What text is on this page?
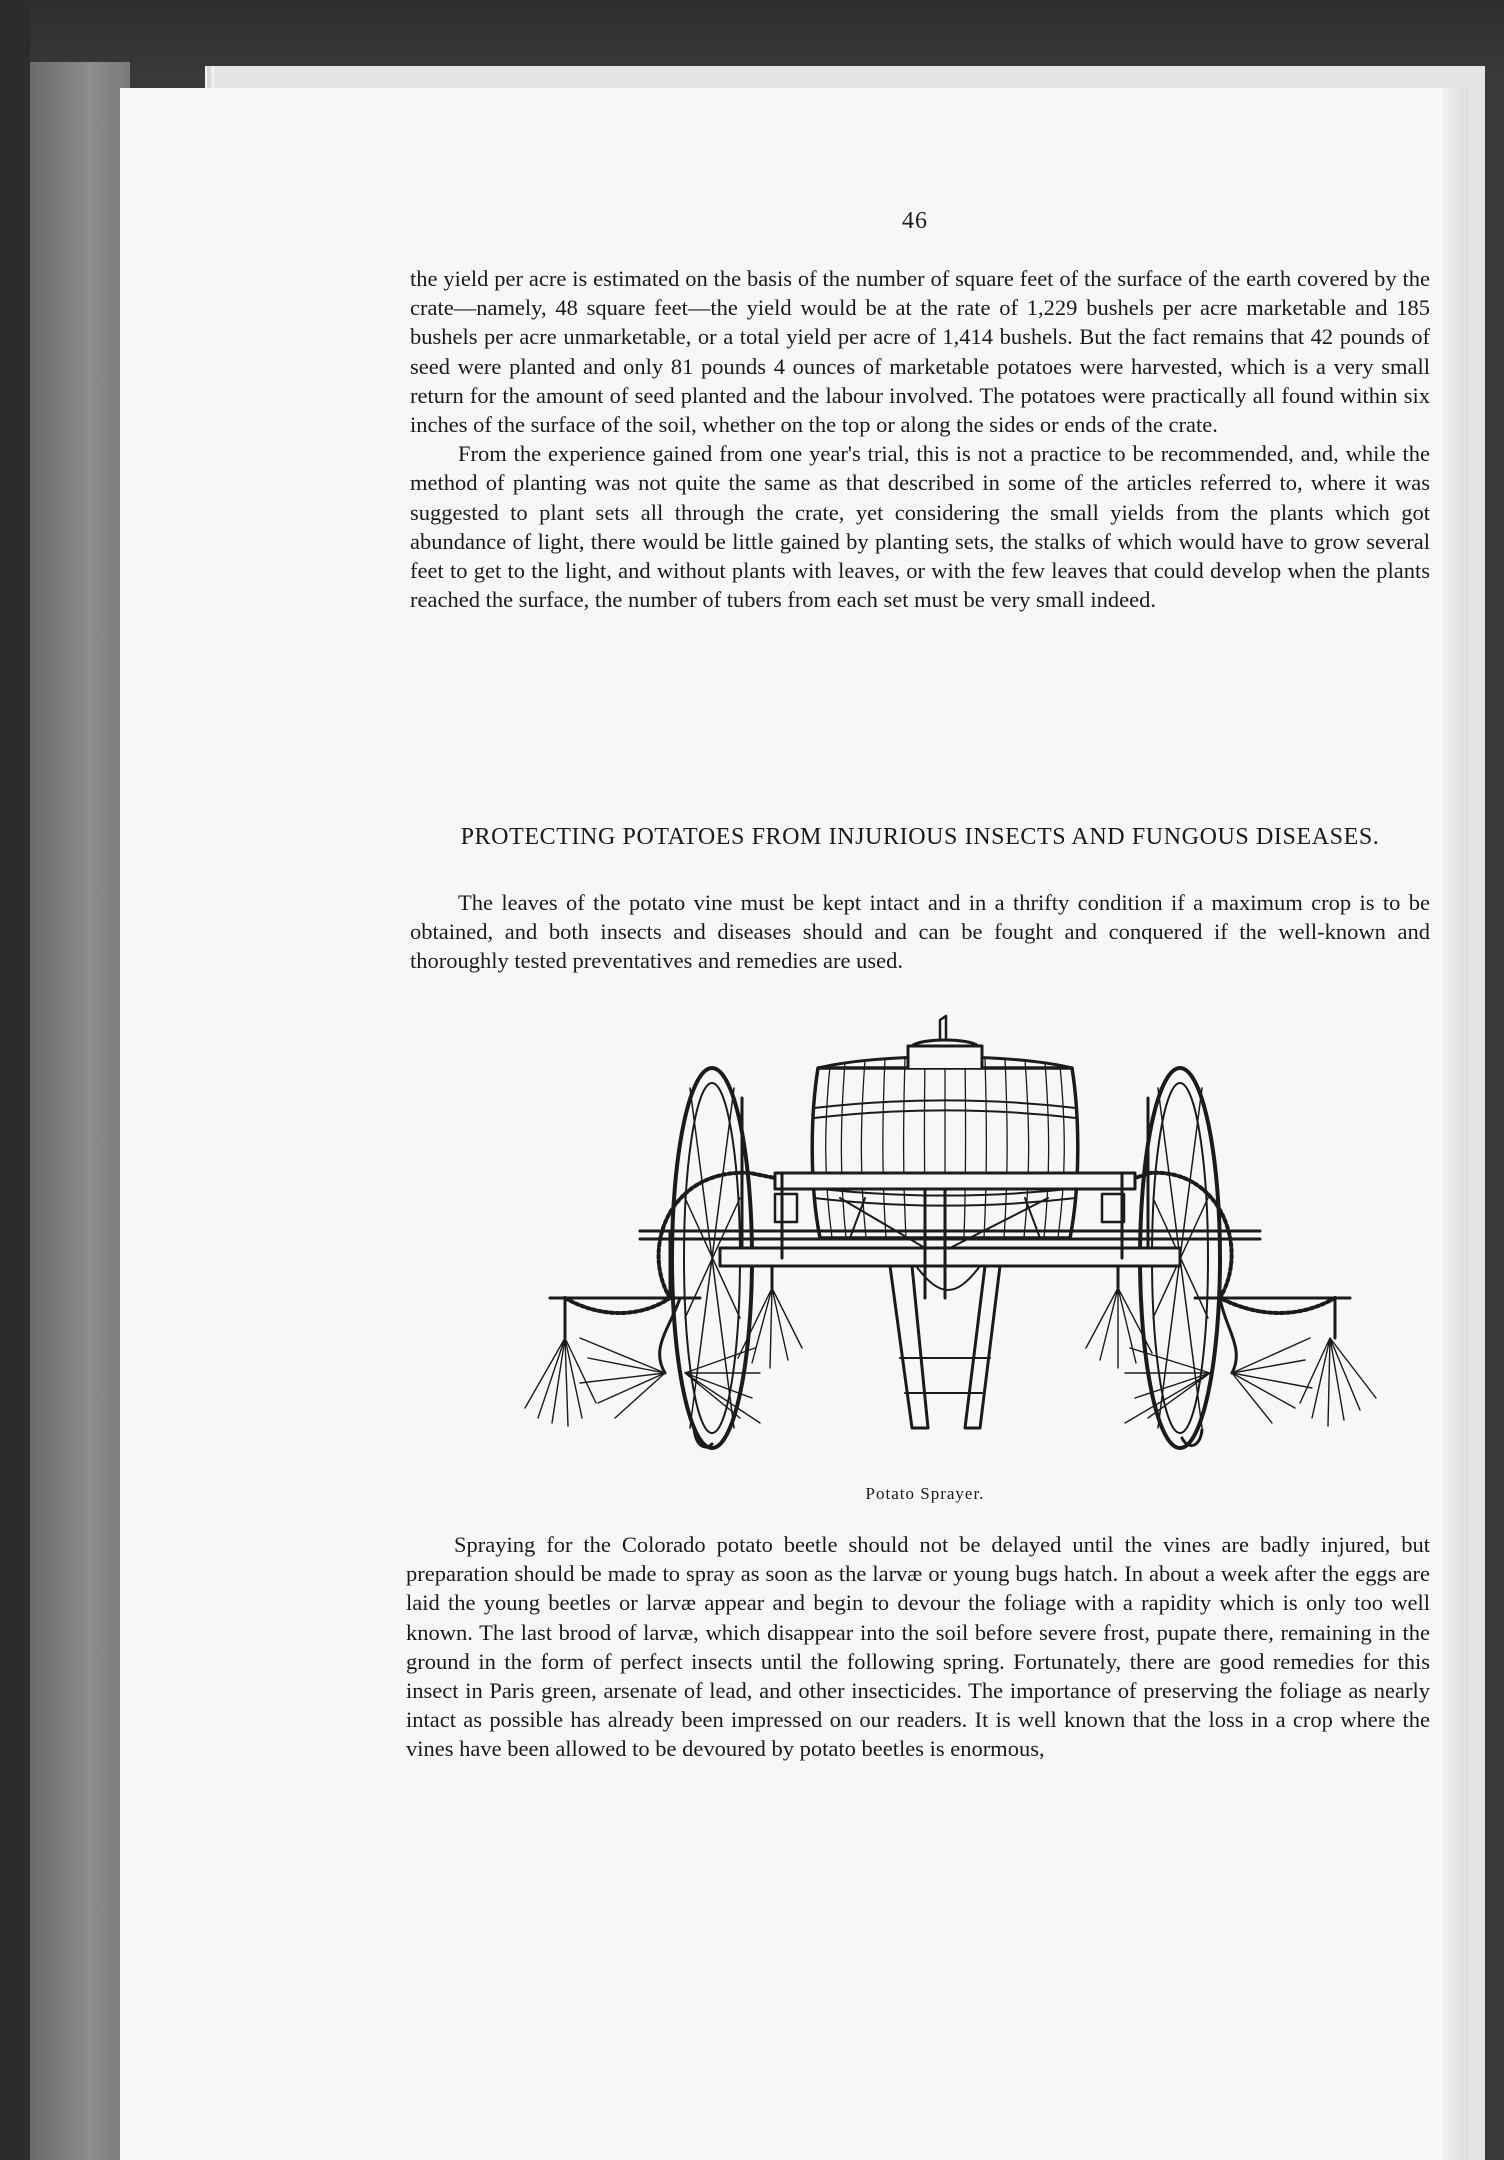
46

the yield per acre is estimated on the basis of the number of square feet of the surface of the earth covered by the crate—namely, 48 square feet—the yield would be at the rate of 1,229 bushels per acre marketable and 185 bushels per acre unmarketable, or a total yield per acre of 1,414 bushels. But the fact remains that 42 pounds of seed were planted and only 81 pounds 4 ounces of marketable potatoes were harvested, which is a very small return for the amount of seed planted and the labour involved. The potatoes were practically all found within six inches of the surface of the soil, whether on the top or along the sides or ends of the crate.

From the experience gained from one year's trial, this is not a practice to be recommended, and, while the method of planting was not quite the same as that described in some of the articles referred to, where it was suggested to plant sets all through the crate, yet considering the small yields from the plants which got abundance of light, there would be little gained by planting sets, the stalks of which would have to grow several feet to get to the light, and without plants with leaves, or with the few leaves that could develop when the plants reached the surface, the number of tubers from each set must be very small indeed.

PROTECTING POTATOES FROM INJURIOUS INSECTS AND FUNGOUS DISEASES.

The leaves of the potato vine must be kept intact and in a thrifty condition if a maximum crop is to be obtained, and both insects and diseases should and can be fought and conquered if the well-known and thoroughly tested preventatives and remedies are used.

Potato Sprayer.

Spraying for the Colorado potato beetle should not be delayed until the vines are badly injured, but preparation should be made to spray as soon as the larvæ or young bugs hatch. In about a week after the eggs are laid the young beetles or larvæ appear and begin to devour the foliage with a rapidity which is only too well known. The last brood of larvæ, which disappear into the soil before severe frost, pupate there, remaining in the ground in the form of perfect insects until the following spring. Fortunately, there are good remedies for this insect in Paris green, arsenate of lead, and other insecticides. The importance of preserving the foliage as nearly intact as possible has already been impressed on our readers. It is well known that the loss in a crop where the vines have been allowed to be devoured by potato beetles is enormous,
